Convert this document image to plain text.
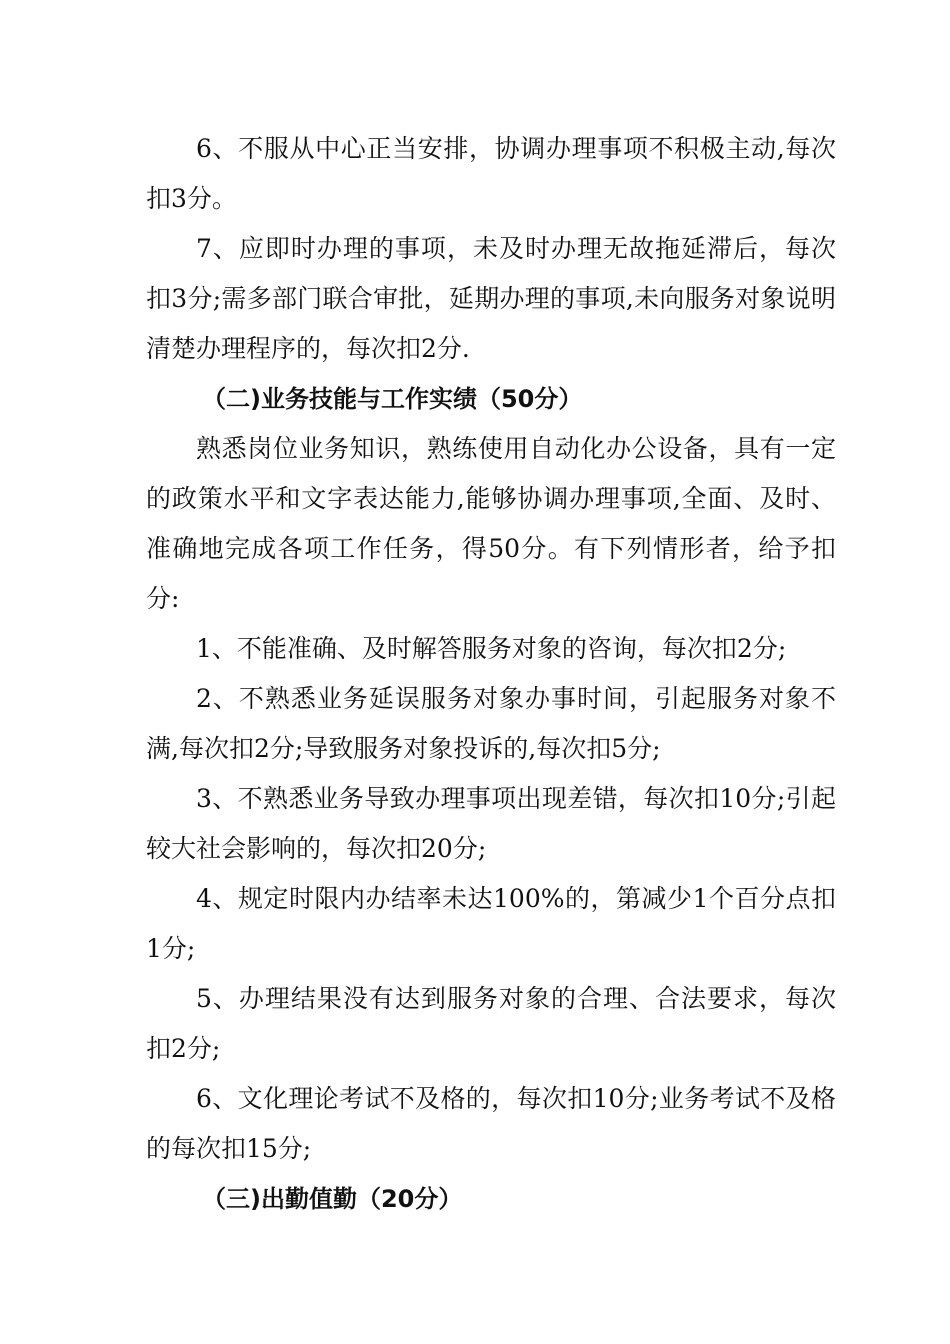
6、不服从中心正当安排，协调办理事项不积极主动,每次扣3分。

7、应即时办理的事项，未及时办理无故拖延滞后，每次扣3分;需多部门联合审批，延期办理的事项,未向服务对象说明清楚办理程序的，每次扣2分.

（二)业务技能与工作实绩（50分）

熟悉岗位业务知识，熟练使用自动化办公设备，具有一定的政策水平和文字表达能力,能够协调办理事项,全面、及时、准确地完成各项工作任务，得50分。有下列情形者，给予扣分:

1、不能准确、及时解答服务对象的咨询，每次扣2分;

2、不熟悉业务延误服务对象办事时间，引起服务对象不满,每次扣2分;导致服务对象投诉的,每次扣5分;

3、不熟悉业务导致办理事项出现差错，每次扣10分;引起较大社会影响的，每次扣20分;

4、规定时限内办结率未达100%的，第减少1个百分点扣1分;

5、办理结果没有达到服务对象的合理、合法要求，每次扣2分;

6、文化理论考试不及格的，每次扣10分;业务考试不及格的每次扣15分;

（三)出勤值勤（20分）
